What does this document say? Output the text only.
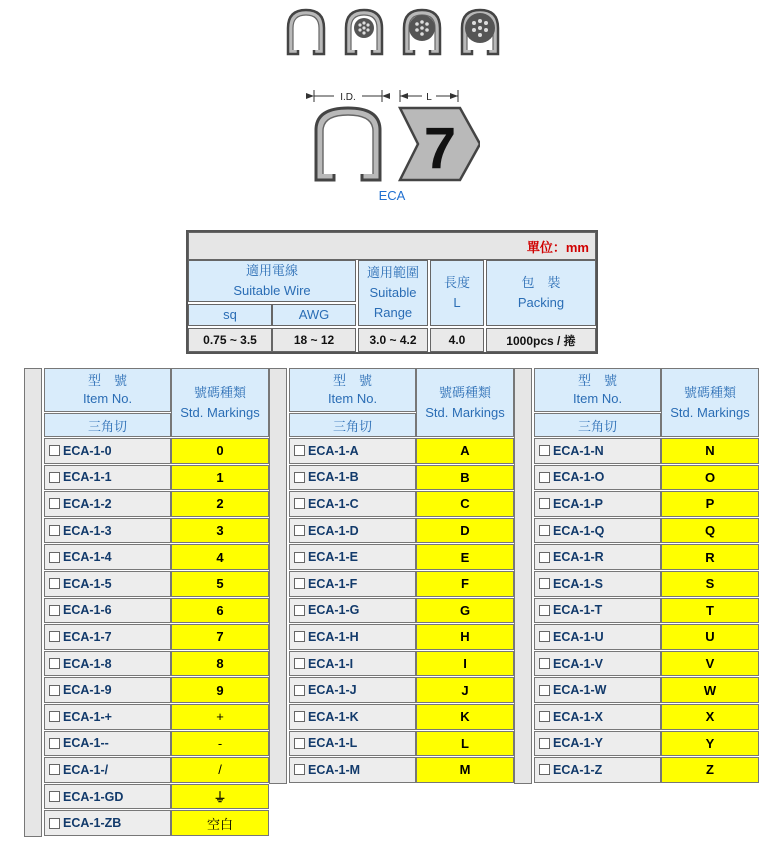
I.D.	L
7
ECA
單位：mm
適用電線
Suitable Wire
sq	AWG
適用範圍
Suitable
Range
長度
L
包　裝
Packing
0.75 ~ 3.5	18 ~ 12	3.0 ~ 4.2	4.0	1000pcs / 捲
型　號
Item No.
三角切
號碼種類
Std. Markings
ECA-1-0	0
ECA-1-1	1
ECA-1-2	2
ECA-1-3	3
ECA-1-4	4
ECA-1-5	5
ECA-1-6	6
ECA-1-7	7
ECA-1-8	8
ECA-1-9	9
ECA-1-+	+
ECA-1--	-
ECA-1-/	/
ECA-1-GD	⏚
ECA-1-ZB	空白
型　號
Item No.
三角切
號碼種類
Std. Markings
ECA-1-A	A
ECA-1-B	B
ECA-1-C	C
ECA-1-D	D
ECA-1-E	E
ECA-1-F	F
ECA-1-G	G
ECA-1-H	H
ECA-1-I	I
ECA-1-J	J
ECA-1-K	K
ECA-1-L	L
ECA-1-M	M
型　號
Item No.
三角切
號碼種類
Std. Markings
ECA-1-N	N
ECA-1-O	O
ECA-1-P	P
ECA-1-Q	Q
ECA-1-R	R
ECA-1-S	S
ECA-1-T	T
ECA-1-U	U
ECA-1-V	V
ECA-1-W	W
ECA-1-X	X
ECA-1-Y	Y
ECA-1-Z	Z
